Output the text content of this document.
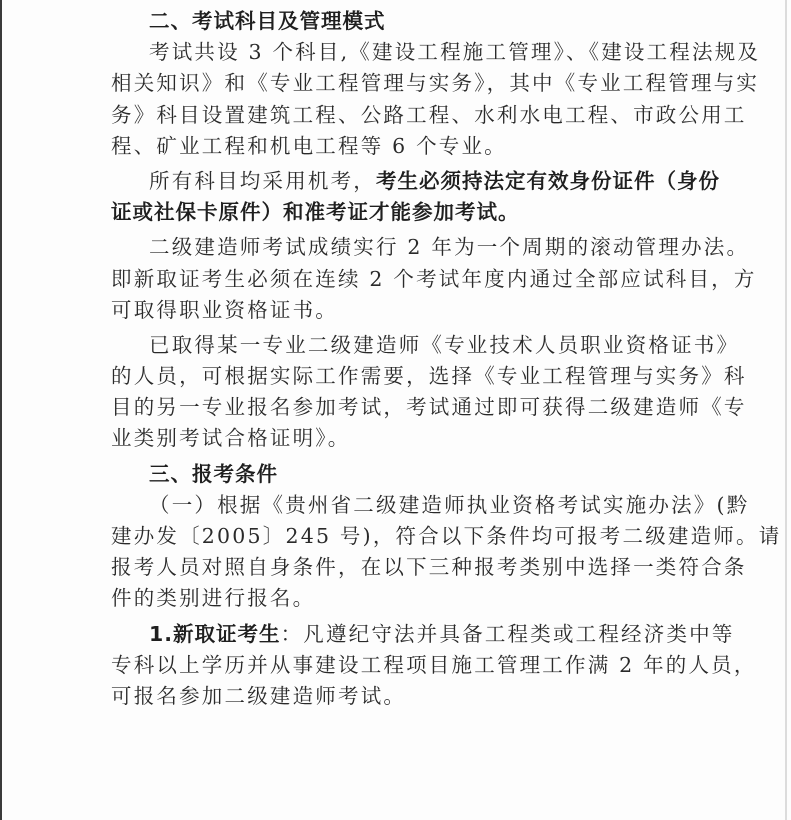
二、考试科目及管理模式
考试共设 3 个科目,《建设工程施工管理》、《建设工程法规及
相关知识》和《专业工程管理与实务》，其中《专业工程管理与实
务》科目设置建筑工程、公路工程、水利水电工程、市政公用工
程、矿业工程和机电工程等 6 个专业。
所有科目均采用机考，考生必须持法定有效身份证件（身份
证或社保卡原件）和准考证才能参加考试。
二级建造师考试成绩实行 2 年为一个周期的滚动管理办法。
即新取证考生必须在连续 2 个考试年度内通过全部应试科目，方
可取得职业资格证书。
已取得某一专业二级建造师《专业技术人员职业资格证书》
的人员，可根据实际工作需要，选择《专业工程管理与实务》科
目的另一专业报名参加考试，考试通过即可获得二级建造师《专
业类别考试合格证明》。
三、报考条件
（一）根据《贵州省二级建造师执业资格考试实施办法》(黔
建办发〔2005〕245 号)，符合以下条件均可报考二级建造师。请
报考人员对照自身条件，在以下三种报考类别中选择一类符合条
件的类别进行报名。
1.新取证考生：凡遵纪守法并具备工程类或工程经济类中等
专科以上学历并从事建设工程项目施工管理工作满 2 年的人员，
可报名参加二级建造师考试。
